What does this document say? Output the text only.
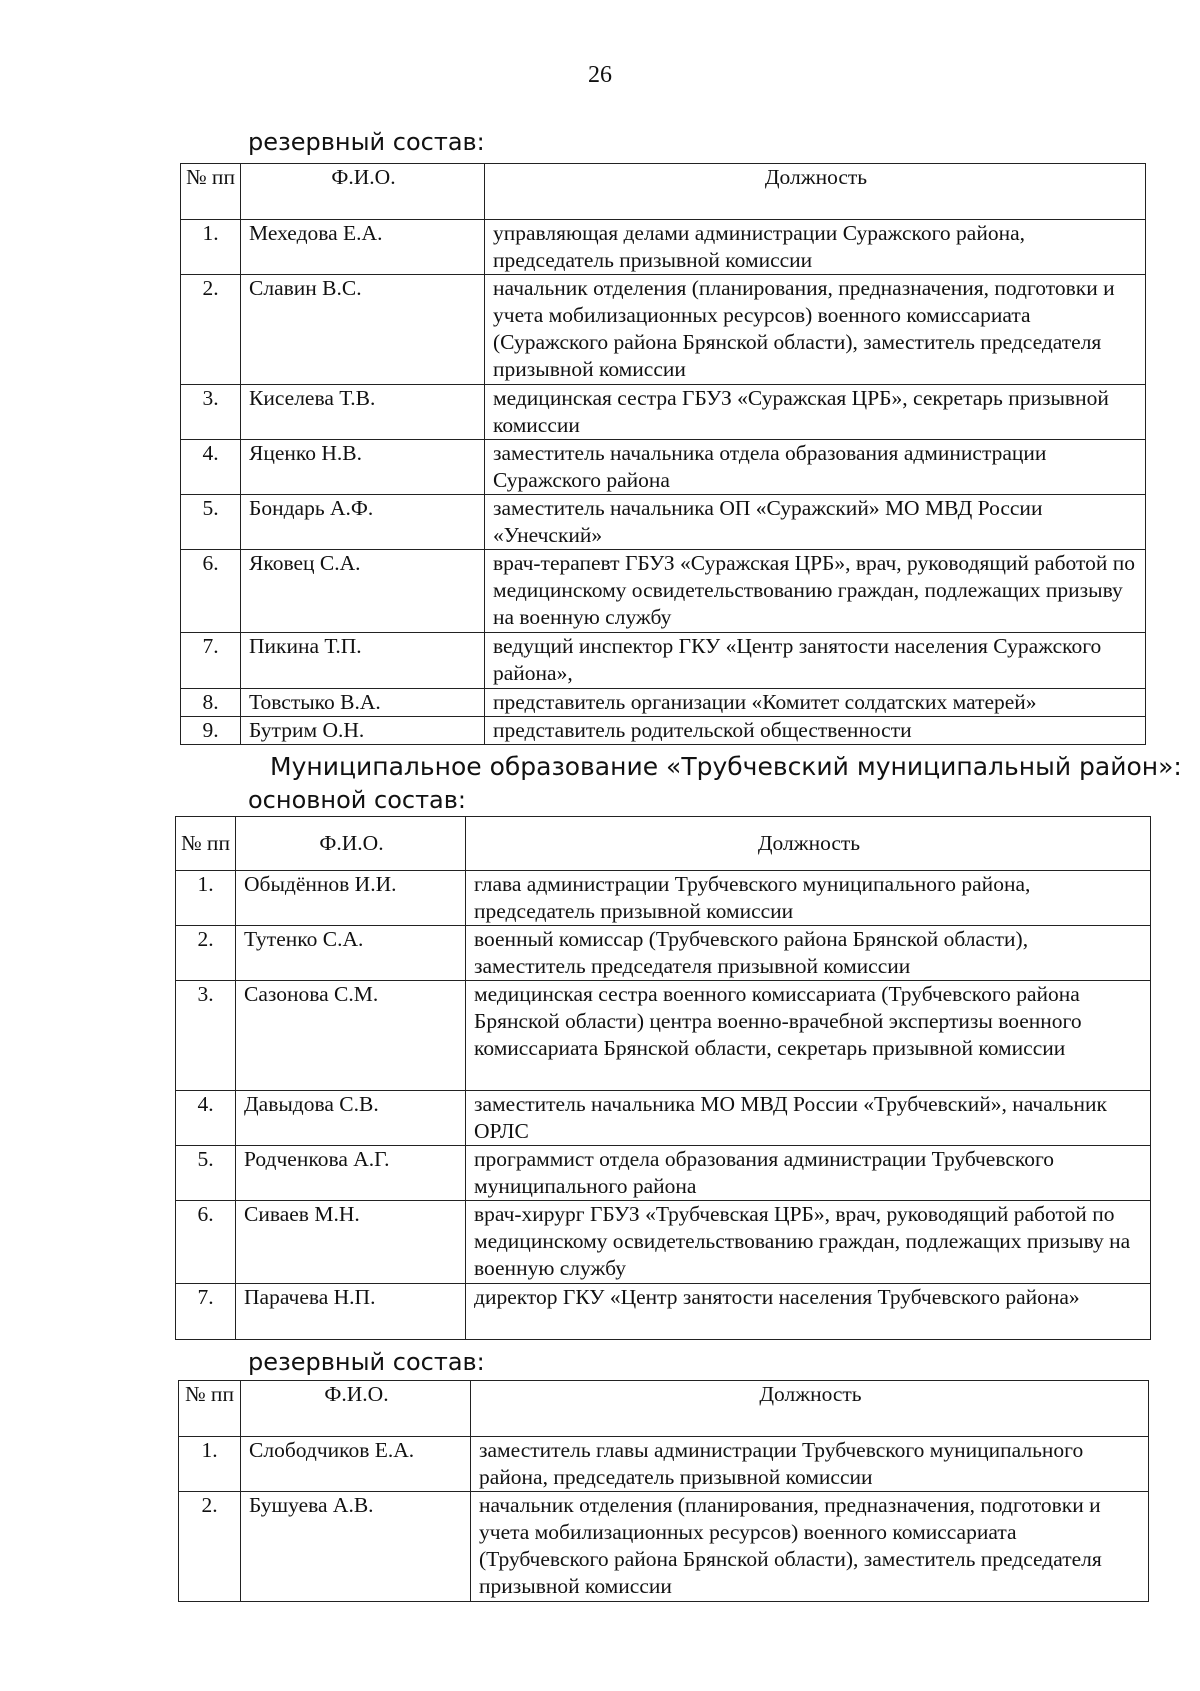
26
резервный состав:
№ пп	Ф.И.О.	Должность
1.	Мехедова Е.А.	управляющая делами администрации Суражского района, председатель призывной комиссии
2.	Славин В.С.	начальник отделения (планирования, предназначения, подготовки и учета мобилизационных ресурсов) военного комиссариата (Суражского района Брянской области), заместитель председателя призывной комиссии
3.	Киселева Т.В.	медицинская сестра ГБУЗ «Суражская ЦРБ», секретарь призывной комиссии
4.	Яценко Н.В.	заместитель начальника отдела образования администрации Суражского района
5.	Бондарь А.Ф.	заместитель начальника ОП «Суражский» МО МВД России «Унечский»
6.	Яковец С.А.	врач-терапевт ГБУЗ «Суражская ЦРБ», врач, руководящий работой по медицинскому освидетельствованию граждан, подлежащих призыву на военную службу
7.	Пикина Т.П.	ведущий инспектор ГКУ «Центр занятости населения Суражского района»,
8.	Товстыко В.А.	представитель организации «Комитет солдатских матерей»
9.	Бутрим О.Н.	представитель родительской общественности
Муниципальное образование «Трубчевский муниципальный район»:
основной состав:
№ пп	Ф.И.О.	Должность
1.	Обыдённов И.И.	глава администрации Трубчевского муниципального района, председатель призывной комиссии
2.	Тутенко С.А.	военный комиссар (Трубчевского района Брянской области), заместитель председателя призывной комиссии
3.	Сазонова С.М.	медицинская сестра военного комиссариата (Трубчевского района Брянской области) центра военно-врачебной экспертизы военного комиссариата Брянской области, секретарь призывной комиссии
4.	Давыдова С.В.	заместитель начальника МО МВД России «Трубчевский», начальник ОРЛС
5.	Родченкова А.Г.	программист отдела образования администрации Трубчевского муниципального района
6.	Сиваев М.Н.	врач-хирург ГБУЗ «Трубчевская ЦРБ», врач, руководящий работой по медицинскому освидетельствованию граждан, подлежащих призыву на военную службу
7.	Парачева Н.П.	директор ГКУ «Центр занятости населения Трубчевского района»
резервный состав:
№ пп	Ф.И.О.	Должность
1.	Слободчиков Е.А.	заместитель главы администрации Трубчевского муниципального района, председатель призывной комиссии
2.	Бушуева А.В.	начальник отделения (планирования, предназначения, подготовки и учета мобилизационных ресурсов) военного комиссариата (Трубчевского района Брянской области), заместитель председателя призывной комиссии
